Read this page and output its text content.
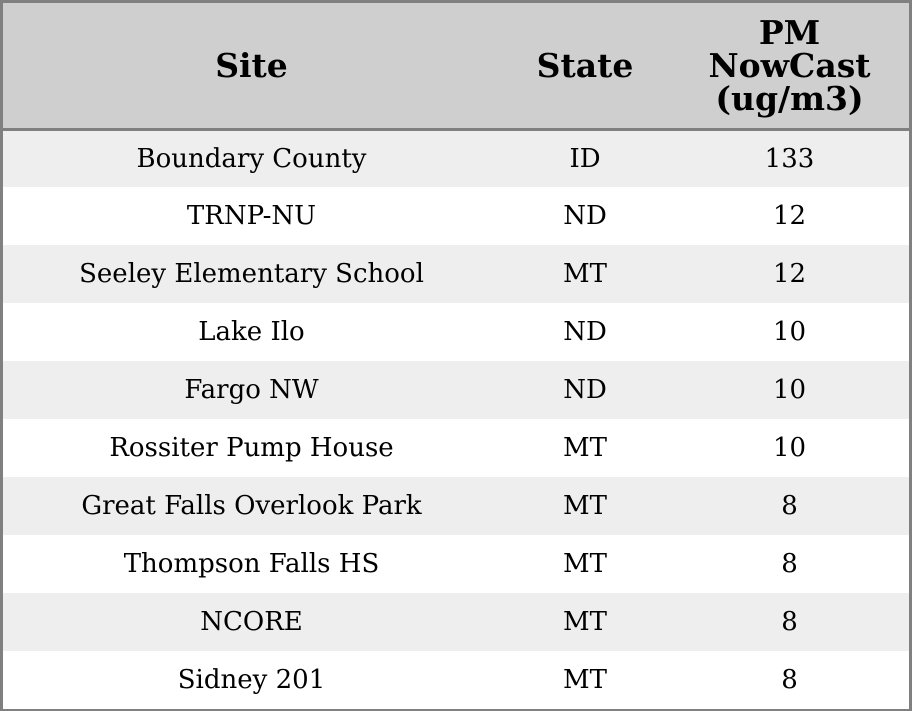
Site	State	PM
NowCast
(ug/m3)

Boundary County	ID	133
TRNP-NU	ND	12
Seeley Elementary School	MT	12
Lake Ilo	ND	10
Fargo NW	ND	10
Rossiter Pump House	MT	10
Great Falls Overlook Park	MT	8
Thompson Falls HS	MT	8
NCORE	MT	8
Sidney 201	MT	8
